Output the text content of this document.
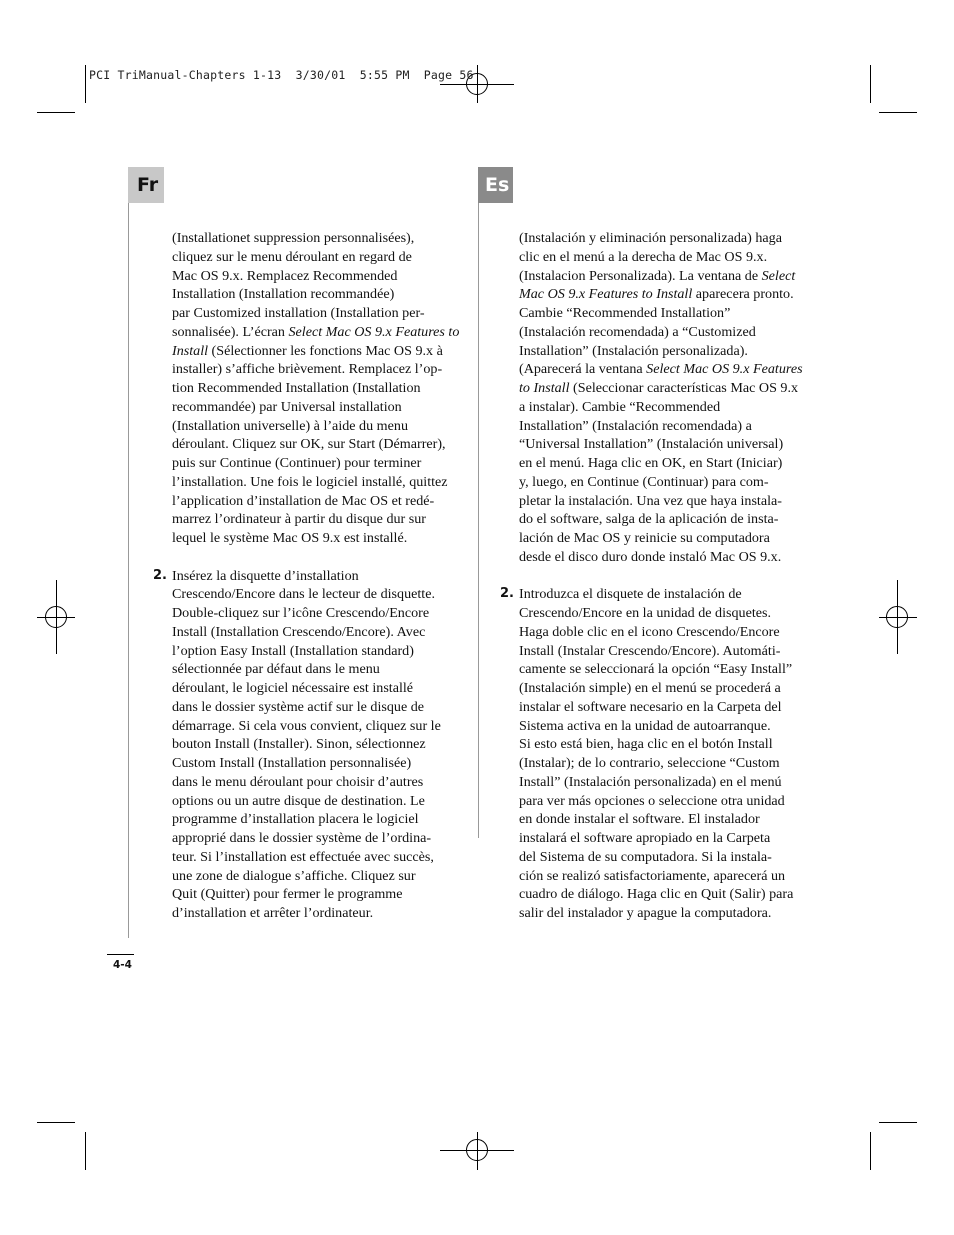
PCI TriManual-Chapters 1-13  3/30/01  5:55 PM  Page 56
Fr	Es

(Installationet suppression personnalisées),

cliquez sur le menu déroulant en regard de

Mac OS 9.x. Remplacez Recommended

Installation (Installation recommandée)

par Customized installation (Installation per-

sonnalisée). L’écran Select Mac OS 9.x Features to

Install (Sélectionner les fonctions Mac OS 9.x à

installer) s’affiche brièvement. Remplacez l’op-

tion Recommended Installation (Installation

recommandée) par Universal installation

(Installation universelle) à l’aide du menu

déroulant. Cliquez sur OK, sur Start (Démarrer),

puis sur Continue (Continuer) pour terminer

l’installation. Une fois le logiciel installé, quittez

l’application d’installation de Mac OS et redé-

marrez l’ordinateur à partir du disque dur sur

lequel le système Mac OS 9.x est installé.

2. Insérez la disquette d’installation

Crescendo/Encore dans le lecteur de disquette.

Double-cliquez sur l’icône Crescendo/Encore

Install (Installation Crescendo/Encore). Avec

l’option Easy Install (Installation standard)

sélectionnée par défaut dans le menu

déroulant, le logiciel nécessaire est installé

dans le dossier système actif sur le disque de

démarrage. Si cela vous convient, cliquez sur le

bouton Install (Installer). Sinon, sélectionnez

Custom Install (Installation personnalisée)

dans le menu déroulant pour choisir d’autres

options ou un autre disque de destination. Le

programme d’installation placera le logiciel

approprié dans le dossier système de l’ordina-

teur. Si l’installation est effectuée avec succès,

une zone de dialogue s’affiche. Cliquez sur

Quit (Quitter) pour fermer le programme

d’installation et arrêter l’ordinateur.

(Instalación y eliminación personalizada) haga

clic en el menú a la derecha de Mac OS 9.x.

(Instalacion Personalizada). La ventana de Select

Mac OS 9.x Features to Install aparecera pronto.

Cambie “Recommended Installation”

(Instalación recomendada) a “Customized

Installation” (Instalación personalizada).

(Aparecerá la ventana Select Mac OS 9.x Features

to Install (Seleccionar características Mac OS 9.x

a instalar). Cambie “Recommended

Installation” (Instalación recomendada) a

“Universal Installation” (Instalación universal)

en el menú. Haga clic en OK, en Start (Iniciar)

y, luego, en Continue (Continuar) para com-

pletar la instalación. Una vez que haya instala-

do el software, salga de la aplicación de insta-

lación de Mac OS y reinicie su computadora

desde el disco duro donde instaló Mac OS 9.x.

2. Introduzca el disquete de instalación de

Crescendo/Encore en la unidad de disquetes.

Haga doble clic en el icono Crescendo/Encore

Install (Instalar Crescendo/Encore). Automáti-

camente se seleccionará la opción “Easy Install”

(Instalación simple) en el menú se procederá a

instalar el software necesario en la Carpeta del

Sistema activa en la unidad de autoarranque.

Si esto está bien, haga clic en el botón Install

(Instalar); de lo contrario, seleccione “Custom

Install” (Instalación personalizada) en el menú

para ver más opciones o seleccione otra unidad

en donde instalar el software. El instalador

instalará el software apropiado en la Carpeta

del Sistema de su computadora. Si la instala-

ción se realizó satisfactoriamente, aparecerá un

cuadro de diálogo. Haga clic en Quit (Salir) para

salir del instalador y apague la computadora.

4-4
